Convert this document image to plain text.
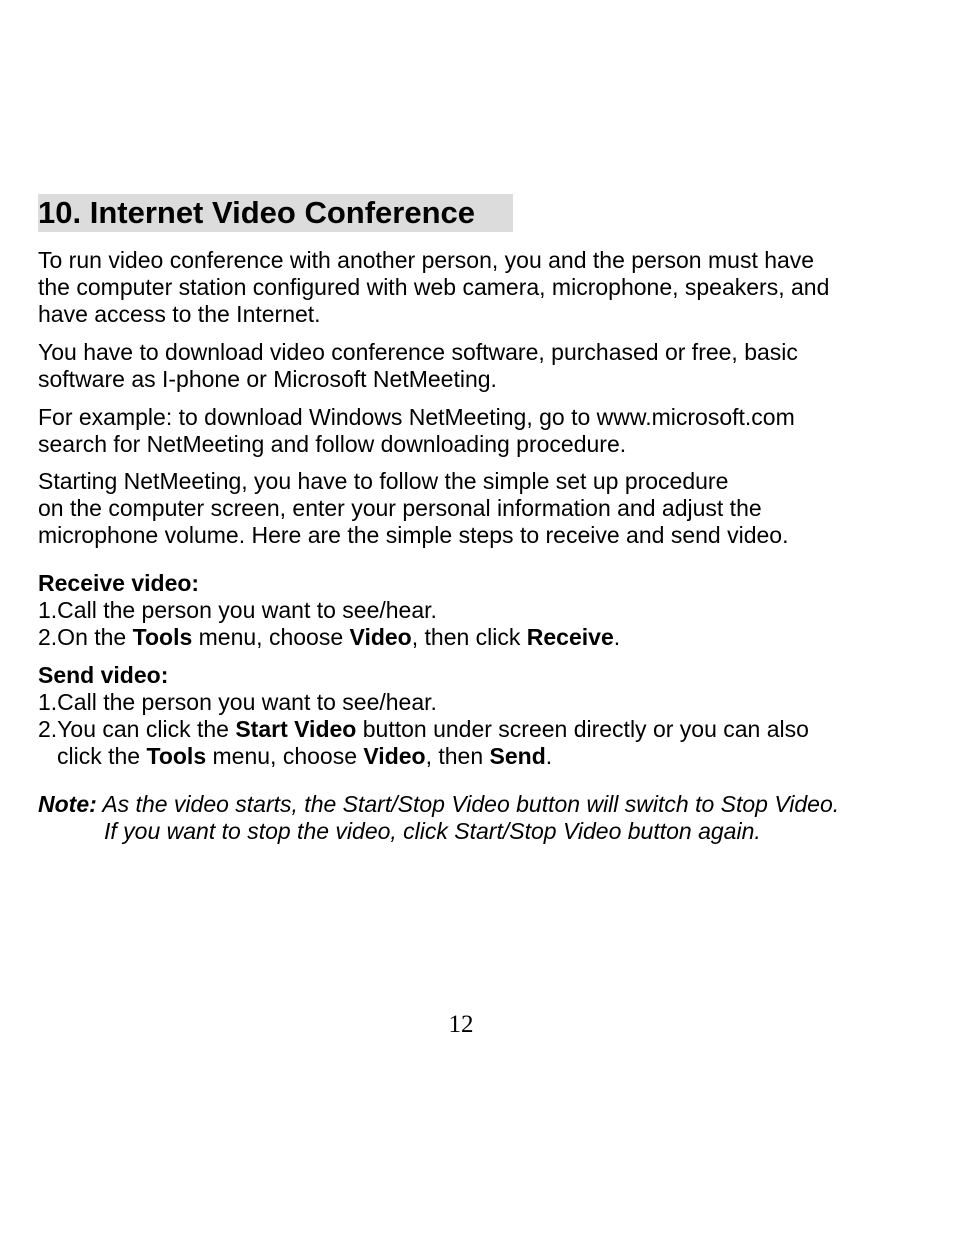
10. Internet Video Conference
To run video conference with another person, you and the person must have
the computer station configured with web camera, microphone, speakers, and
have access to the Internet.
You have to download video conference software, purchased or free, basic
software as I-phone or Microsoft NetMeeting.
For example: to download Windows NetMeeting, go to www.microsoft.com
search for NetMeeting and follow downloading procedure.
Starting NetMeeting, you have to follow the simple set up procedure
on the computer screen, enter your personal information and adjust the
microphone volume. Here are the simple steps to receive and send video.
Receive video:
1.Call the person you want to see/hear.
2.On the Tools menu, choose Video, then click Receive.
Send video:
1.Call the person you want to see/hear.
2.You can click the Start Video button under screen directly or you can also
click the Tools menu, choose Video, then Send.
Note: As the video starts, the Start/Stop Video button will switch to Stop Video.
If you want to stop the video, click Start/Stop Video button again.
12
